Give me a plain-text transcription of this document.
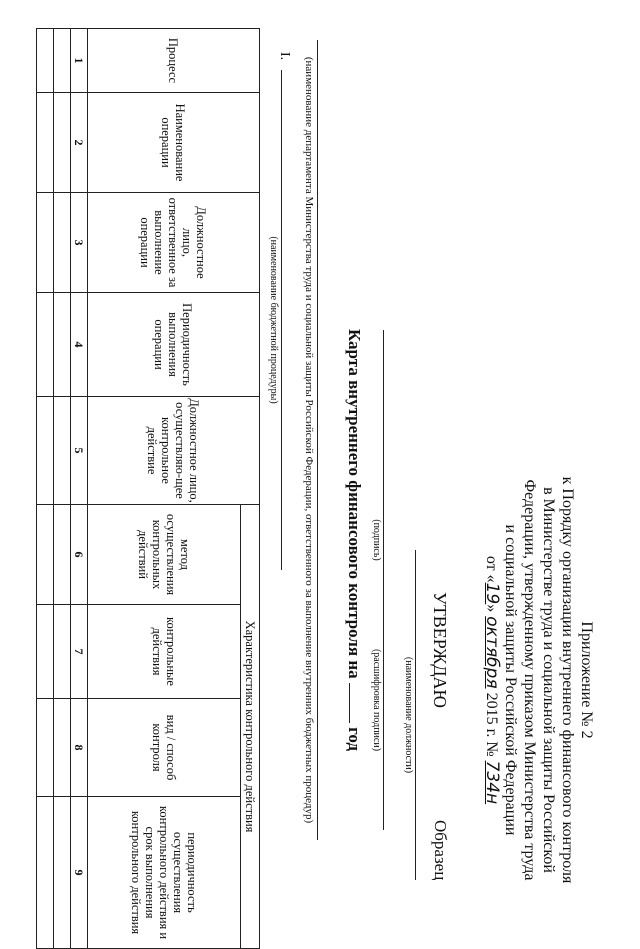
Приложение № 2
к Порядку организации внутреннего финансового контроля
в Министерстве труда и социальной защиты Российской
Федерации, утвержденному приказом Министерства труда
и социальной защиты Российской Федерации
от «19» октября 2015 г. № 734н
Образец
УТВЕРЖДАЮ
(наименование должности)
(подпись)
(расшифровка подписи)
Карта внутреннего финансового контроля на  год
(наименование департамента Министерства труда и социальной защиты Российской Федерации, ответственного за выполнение внутренних бюджетных процедур)
I.
(наименование бюджетной процедуры)
Процесс	Наименование операции	Должностное лицо, ответственное за выполнение операции	Периодичность выполнения операции	Должностное лицо, осуществляю-щее контрольное действие	Характеристика контрольного действия			
					метод осуществления контрольных действий	контрольные действия	вид / способ контроля	периодичность осуществления контрольного действия и срок выполнения контрольного действия
1	2	3	4	5	6	7	8	9
